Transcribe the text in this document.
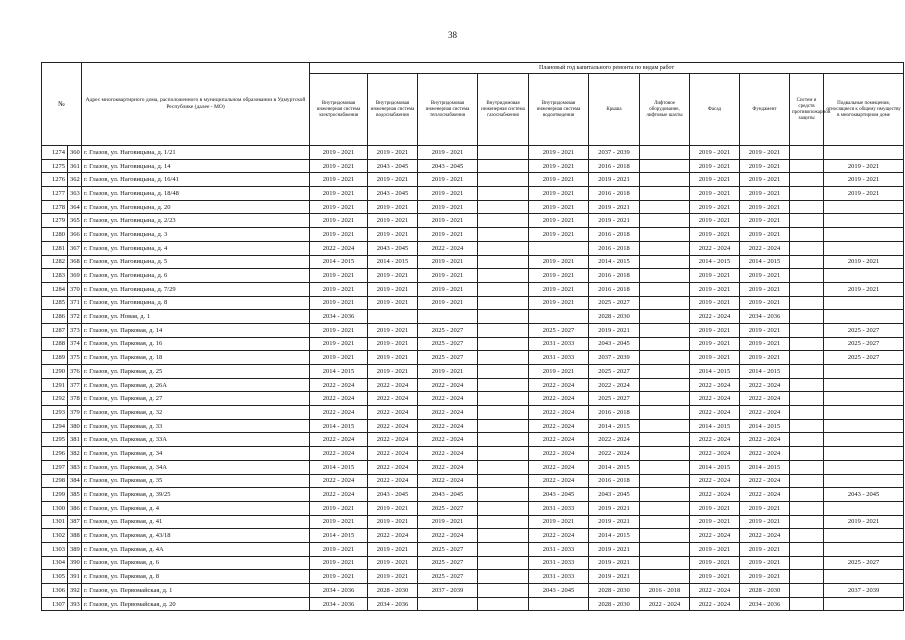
38
№		Адрес многоквартирного дома, расположенного в муниципальном образовании в Удмуртской Республике (далее - МО)	Плановый год капитального ремонта по видам работ										
			Внутридомовая инженерная система электроснабжения	Внутридомовая инженерная система водоснабжения	Внутридомовая инженерная система теплоснабжения	Внутридомовая инженерная система газоснабжения	Внутридомовая инженерная система водоотведения	Крыша	Лифтовое оборудование, лифтовые шахты	Фасад	Фундамент	Систем и средств противопожарной защиты	Подвальные помещения, относящиеся к общему имуществу в многоквартирном доме
1274	360	г. Глазов, ул. Наговицына, д. 1/21	2019 - 2021	2019 - 2021	2019 - 2021		2019 - 2021	2037 - 2039		2019 - 2021	2019 - 2021		
1275	361	г. Глазов, ул. Наговицына, д. 14	2019 - 2021	2043 - 2045	2043 - 2045		2019 - 2021	2016 - 2018		2019 - 2021	2019 - 2021		2019 - 2021
1276	362	г. Глазов, ул. Наговицына, д. 16/41	2019 - 2021	2019 - 2021	2019 - 2021		2019 - 2021	2019 - 2021		2019 - 2021	2019 - 2021		2019 - 2021
1277	363	г. Глазов, ул. Наговицына, д. 18/48	2019 - 2021	2043 - 2045	2019 - 2021		2019 - 2021	2016 - 2018		2019 - 2021	2019 - 2021		2019 - 2021
1278	364	г. Глазов, ул. Наговицына, д. 20	2019 - 2021	2019 - 2021	2019 - 2021		2019 - 2021	2019 - 2021		2019 - 2021	2019 - 2021		
1279	365	г. Глазов, ул. Наговицына, д. 2/23	2019 - 2021	2019 - 2021	2019 - 2021		2019 - 2021	2019 - 2021		2019 - 2021	2019 - 2021		
1280	366	г. Глазов, ул. Наговицына, д. 3	2019 - 2021	2019 - 2021	2019 - 2021		2019 - 2021	2016 - 2018		2019 - 2021	2019 - 2021		
1281	367	г. Глазов, ул. Наговицына, д. 4	2022 - 2024	2043 - 2045	2022 - 2024			2016 - 2018		2022 - 2024	2022 - 2024		
1282	368	г. Глазов, ул. Наговицына, д. 5	2014 - 2015	2014 - 2015	2019 - 2021		2019 - 2021	2014 - 2015		2014 - 2015	2014 - 2015		2019 - 2021
1283	369	г. Глазов, ул. Наговицына, д. 6	2019 - 2021	2019 - 2021	2019 - 2021		2019 - 2021	2016 - 2018		2019 - 2021	2019 - 2021		
1284	370	г. Глазов, ул. Наговицына, д. 7/29	2019 - 2021	2019 - 2021	2019 - 2021		2019 - 2021	2016 - 2018		2019 - 2021	2019 - 2021		2019 - 2021
1285	371	г. Глазов, ул. Наговицына, д. 8	2019 - 2021	2019 - 2021	2019 - 2021		2019 - 2021	2025 - 2027		2019 - 2021	2019 - 2021		
1286	372	г. Глазов, ул. Новая, д. 1	2034 - 2036					2028 - 2030		2022 - 2024	2034 - 2036		
1287	373	г. Глазов, ул. Парковая, д. 14	2019 - 2021	2019 - 2021	2025 - 2027		2025 - 2027	2019 - 2021		2019 - 2021	2019 - 2021		2025 - 2027
1288	374	г. Глазов, ул. Парковая, д. 16	2019 - 2021	2019 - 2021	2025 - 2027		2031 - 2033	2043 - 2045		2019 - 2021	2019 - 2021		2025 - 2027
1289	375	г. Глазов, ул. Парковая, д. 18	2019 - 2021	2019 - 2021	2025 - 2027		2031 - 2033	2037 - 2039		2019 - 2021	2019 - 2021		2025 - 2027
1290	376	г. Глазов, ул. Парковая, д. 25	2014 - 2015	2019 - 2021	2019 - 2021		2019 - 2021	2025 - 2027		2014 - 2015	2014 - 2015		
1291	377	г. Глазов, ул. Парковая, д. 26А	2022 - 2024	2022 - 2024	2022 - 2024		2022 - 2024	2022 - 2024		2022 - 2024	2022 - 2024		
1292	378	г. Глазов, ул. Парковая, д. 27	2022 - 2024	2022 - 2024	2022 - 2024		2022 - 2024	2025 - 2027		2022 - 2024	2022 - 2024		
1293	379	г. Глазов, ул. Парковая, д. 32	2022 - 2024	2022 - 2024	2022 - 2024		2022 - 2024	2016 - 2018		2022 - 2024	2022 - 2024		
1294	380	г. Глазов, ул. Парковая, д. 33	2014 - 2015	2022 - 2024	2022 - 2024		2022 - 2024	2014 - 2015		2014 - 2015	2014 - 2015		
1295	381	г. Глазов, ул. Парковая, д. 33А	2022 - 2024	2022 - 2024	2022 - 2024		2022 - 2024	2022 - 2024		2022 - 2024	2022 - 2024		
1296	382	г. Глазов, ул. Парковая, д. 34	2022 - 2024	2022 - 2024	2022 - 2024		2022 - 2024	2022 - 2024		2022 - 2024	2022 - 2024		
1297	383	г. Глазов, ул. Парковая, д. 34А	2014 - 2015	2022 - 2024	2022 - 2024		2022 - 2024	2014 - 2015		2014 - 2015	2014 - 2015		
1298	384	г. Глазов, ул. Парковая, д. 35	2022 - 2024	2022 - 2024	2022 - 2024		2022 - 2024	2016 - 2018		2022 - 2024	2022 - 2024		
1299	385	г. Глазов, ул. Парковая, д. 39/25	2022 - 2024	2043 - 2045	2043 - 2045		2043 - 2045	2043 - 2045		2022 - 2024	2022 - 2024		2043 - 2045
1300	386	г. Глазов, ул. Парковая, д. 4	2019 - 2021	2019 - 2021	2025 - 2027		2031 - 2033	2019 - 2021		2019 - 2021	2019 - 2021		
1301	387	г. Глазов, ул. Парковая, д. 41	2019 - 2021	2019 - 2021	2019 - 2021		2019 - 2021	2019 - 2021		2019 - 2021	2019 - 2021		2019 - 2021
1302	388	г. Глазов, ул. Парковая, д. 43/18	2014 - 2015	2022 - 2024	2022 - 2024		2022 - 2024	2014 - 2015		2022 - 2024	2022 - 2024		
1303	389	г. Глазов, ул. Парковая, д. 4А	2019 - 2021	2019 - 2021	2025 - 2027		2031 - 2033	2019 - 2021		2019 - 2021	2019 - 2021		
1304	390	г. Глазов, ул. Парковая, д. 6	2019 - 2021	2019 - 2021	2025 - 2027		2031 - 2033	2019 - 2021		2019 - 2021	2019 - 2021		2025 - 2027
1305	391	г. Глазов, ул. Парковая, д. 8	2019 - 2021	2019 - 2021	2025 - 2027		2031 - 2033	2019 - 2021		2019 - 2021	2019 - 2021		
1306	392	г. Глазов, ул. Первомайская, д. 1	2034 - 2036	2028 - 2030	2037 - 2039		2043 - 2045	2028 - 2030	2016 - 2018	2022 - 2024	2028 - 2030		2037 - 2039
1307	393	г. Глазов, ул. Первомайская, д. 20	2034 - 2036	2034 - 2036				2028 - 2030	2022 - 2024	2022 - 2024	2034 - 2036		
